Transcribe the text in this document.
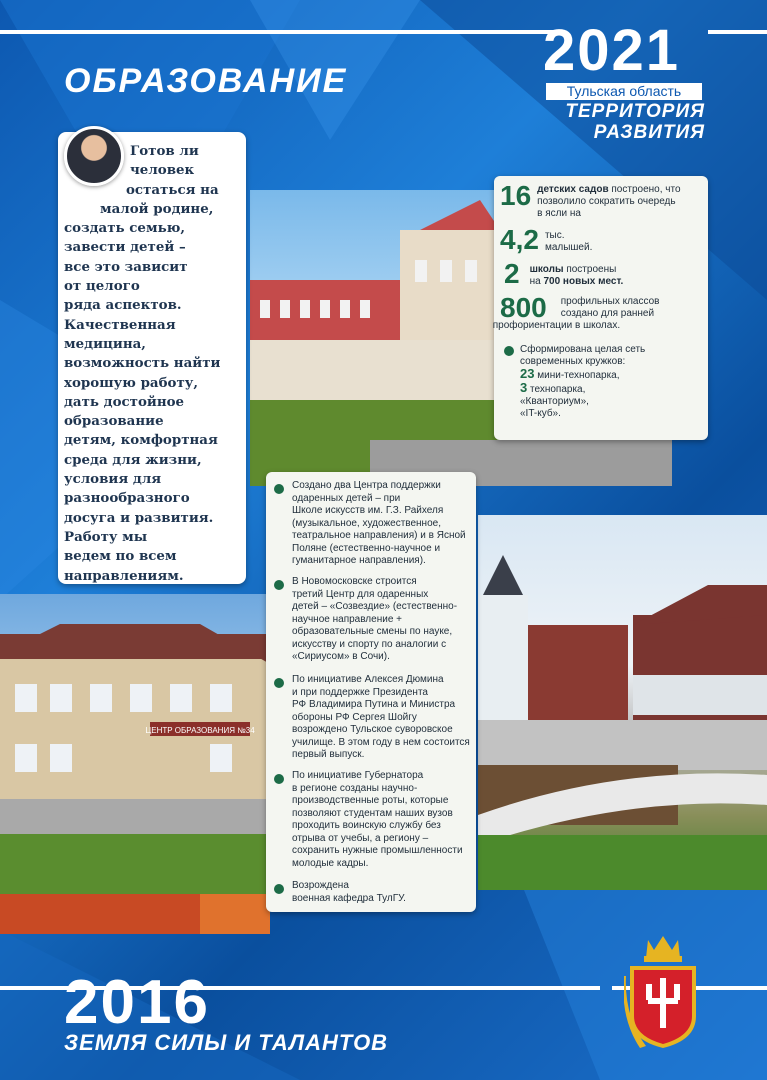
2021
Тульская область
ТЕРРИТОРИЯ
РАЗВИТИЯ
ОБРАЗОВАНИЕ
ЦЕНТР ОБРАЗОВАНИЯ №34
Готов ли
человек
остаться на
малой родине,
создать семью,
завести детей –
все это зависит
от целого
ряда аспектов.
Качественная
медицина,
возможность найти
хорошую работу,
дать достойное
образование
детям, комфортная
среда для жизни,
условия для
разнообразного
досуга и развития.
Работу мы
ведем по всем
направлениям.
16 детских садов построено, что
позволило сократить очередь
в ясли на
4,2 тыс.
малышей.
2	школы построены
на 700 новых мест.
800	профильных классов
создано для ранней
профориентации в школах.
Сформирована целая сеть
современных кружков:
23 мини-технопарка,
3 технопарка,
«Кванториум»,
«IT-куб».

Создано два Центра поддержки
одаренных детей – при
Школе искусств им. Г.З. Райхеля
(музыкальное, художественное,
театральное направления) и в Ясной
Поляне (естественно-научное и
гуманитарное направления).

В Новомосковске строится
третий Центр для одаренных
детей – «Созвездие» (естественно-
научное направление +
образовательные смены по науке,
искусству и спорту по аналогии с
«Сириусом» в Сочи).

По инициативе Алексея Дюмина
и при поддержке Президента
РФ Владимира Путина и Министра
обороны РФ Сергея Шойгу
возрождено Тульское суворовское
училище. В этом году в нем состоится
первый выпуск.

По инициативе Губернатора
в регионе созданы научно-
производственные роты, которые
позволяют студентам наших вузов
проходить воинскую службу без
отрыва от учебы, а региону –
сохранить нужные промышленности
молодые кадры.

Возрождена
военная кафедра ТулГУ.

2016
ЗЕМЛЯ СИЛЫ И ТАЛАНТОВ
